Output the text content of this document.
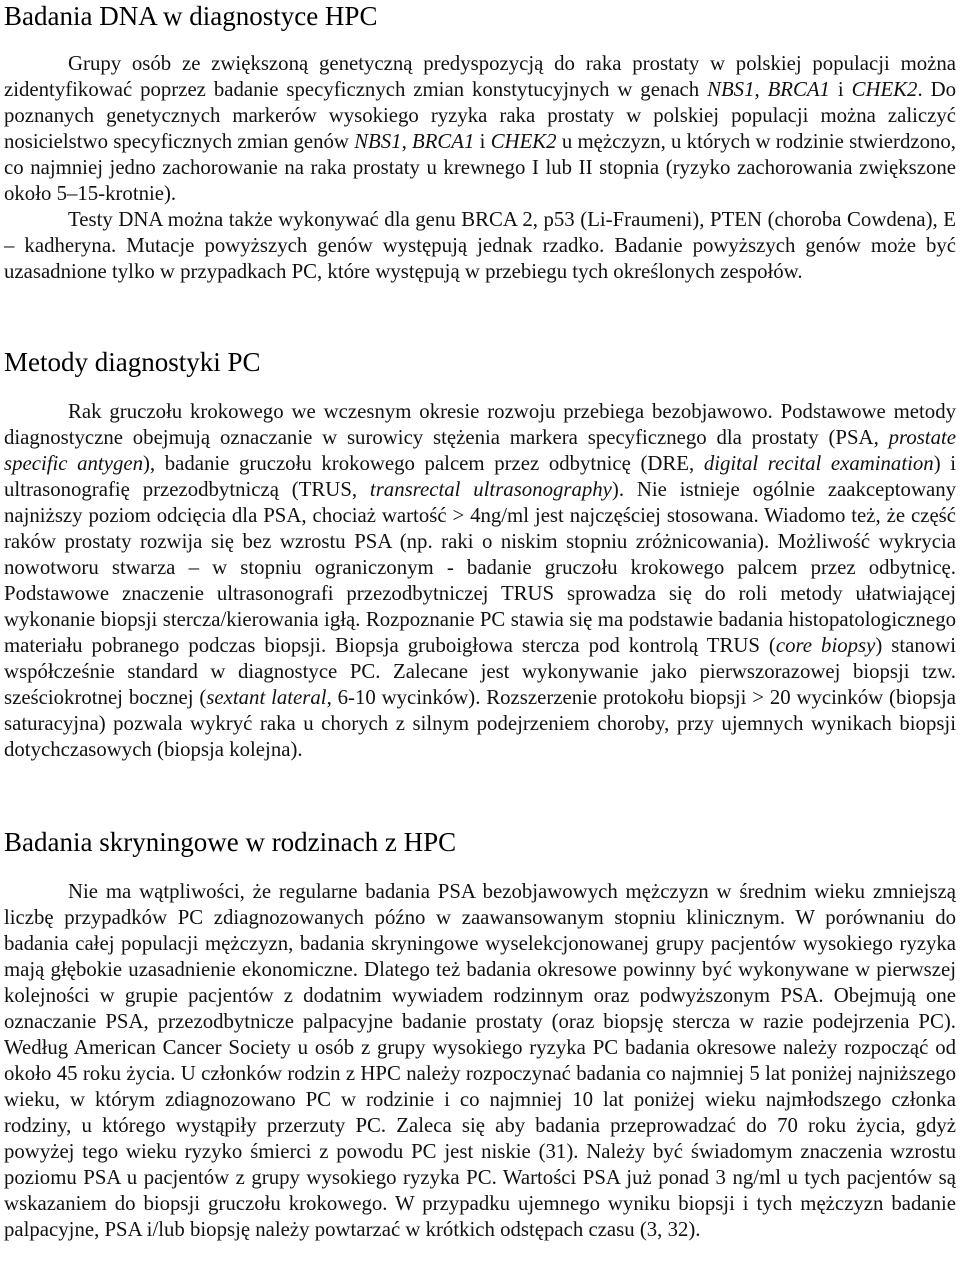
Badania DNA w diagnostyce HPC

Grupy osób ze zwiększoną genetyczną predyspozycją do raka prostaty w polskiej populacji można zidentyfikować poprzez badanie specyficznych zmian konstytucyjnych w genach NBS1, BRCA1 i CHEK2. Do poznanych genetycznych markerów wysokiego ryzyka raka prostaty w polskiej populacji można zaliczyć nosicielstwo specyficznych zmian genów NBS1, BRCA1 i CHEK2 u mężczyzn, u których w rodzinie stwierdzono, co najmniej jedno zachorowanie na raka prostaty u krewnego I lub II stopnia (ryzyko zachorowania zwiększone około 5–15-krotnie).

Testy DNA można także wykonywać dla genu BRCA 2, p53 (Li-Fraumeni), PTEN (choroba Cowdena), E – kadheryna. Mutacje powyższych genów występują jednak rzadko. Badanie powyższych genów może być uzasadnione tylko w przypadkach PC, które występują w przebiegu tych określonych zespołów.

Metody diagnostyki PC

Rak gruczołu krokowego we wczesnym okresie rozwoju przebiega bezobjawowo. Podstawowe metody diagnostyczne obejmują oznaczanie w surowicy stężenia markera specyficznego dla prostaty (PSA, prostate specific antygen), badanie gruczołu krokowego palcem przez odbytnicę (DRE, digital recital examination) i ultrasonografię przezodbytniczą (TRUS, transrectal ultrasonography). Nie istnieje ogólnie zaakceptowany najniższy poziom odcięcia dla PSA, chociaż wartość > 4ng/ml jest najczęściej stosowana. Wiadomo też, że część raków prostaty rozwija się bez wzrostu PSA (np. raki o niskim stopniu zróżnicowania). Możliwość wykrycia nowotworu stwarza – w stopniu ograniczonym - badanie gruczołu krokowego palcem przez odbytnicę. Podstawowe znaczenie ultrasonografi przezodbytniczej TRUS sprowadza się do roli metody ułatwiającej wykonanie biopsji stercza/kierowania igłą. Rozpoznanie PC stawia się ma podstawie badania histopatologicznego materiału pobranego podczas biopsji. Biopsja gruboigłowa stercza pod kontrolą TRUS (core biopsy) stanowi współcześnie standard w diagnostyce PC. Zalecane jest wykonywanie jako pierwszorazowej biopsji tzw. sześciokrotnej bocznej (sextant lateral, 6-10 wycinków). Rozszerzenie protokołu biopsji > 20 wycinków (biopsja saturacyjna) pozwala wykryć raka u chorych z silnym podejrzeniem choroby, przy ujemnych wynikach biopsji dotychczasowych (biopsja kolejna).

Badania skryningowe w rodzinach z HPC

Nie ma wątpliwości, że regularne badania PSA bezobjawowych mężczyzn w średnim wieku zmniejszą liczbę przypadków PC zdiagnozowanych późno w zaawansowanym stopniu klinicznym. W porównaniu do badania całej populacji mężczyzn, badania skryningowe wyselekcjonowanej grupy pacjentów wysokiego ryzyka mają głębokie uzasadnienie ekonomiczne. Dlatego też badania okresowe powinny być wykonywane w pierwszej kolejności w grupie pacjentów z dodatnim wywiadem rodzinnym oraz podwyższonym PSA. Obejmują one oznaczanie PSA, przezodbytnicze palpacyjne badanie prostaty (oraz biopsję stercza w razie podejrzenia PC). Według American Cancer Society u osób z grupy wysokiego ryzyka PC badania okresowe należy rozpocząć od około 45 roku życia. U członków rodzin z HPC należy rozpoczynać badania co najmniej 5 lat poniżej najniższego wieku, w którym zdiagnozowano PC w rodzinie i co najmniej 10 lat poniżej wieku najmłodszego członka rodziny, u którego wystąpiły przerzuty PC. Zaleca się aby badania przeprowadzać do 70 roku życia, gdyż powyżej tego wieku ryzyko śmierci z powodu PC jest niskie (31). Należy być świadomym znaczenia wzrostu poziomu PSA u pacjentów z grupy wysokiego ryzyka PC. Wartości PSA już ponad 3 ng/ml u tych pacjentów są wskazaniem do biopsji gruczołu krokowego. W przypadku ujemnego wyniku biopsji i tych mężczyzn badanie palpacyjne, PSA i/lub biopsję należy powtarzać w krótkich odstępach czasu (3, 32).
